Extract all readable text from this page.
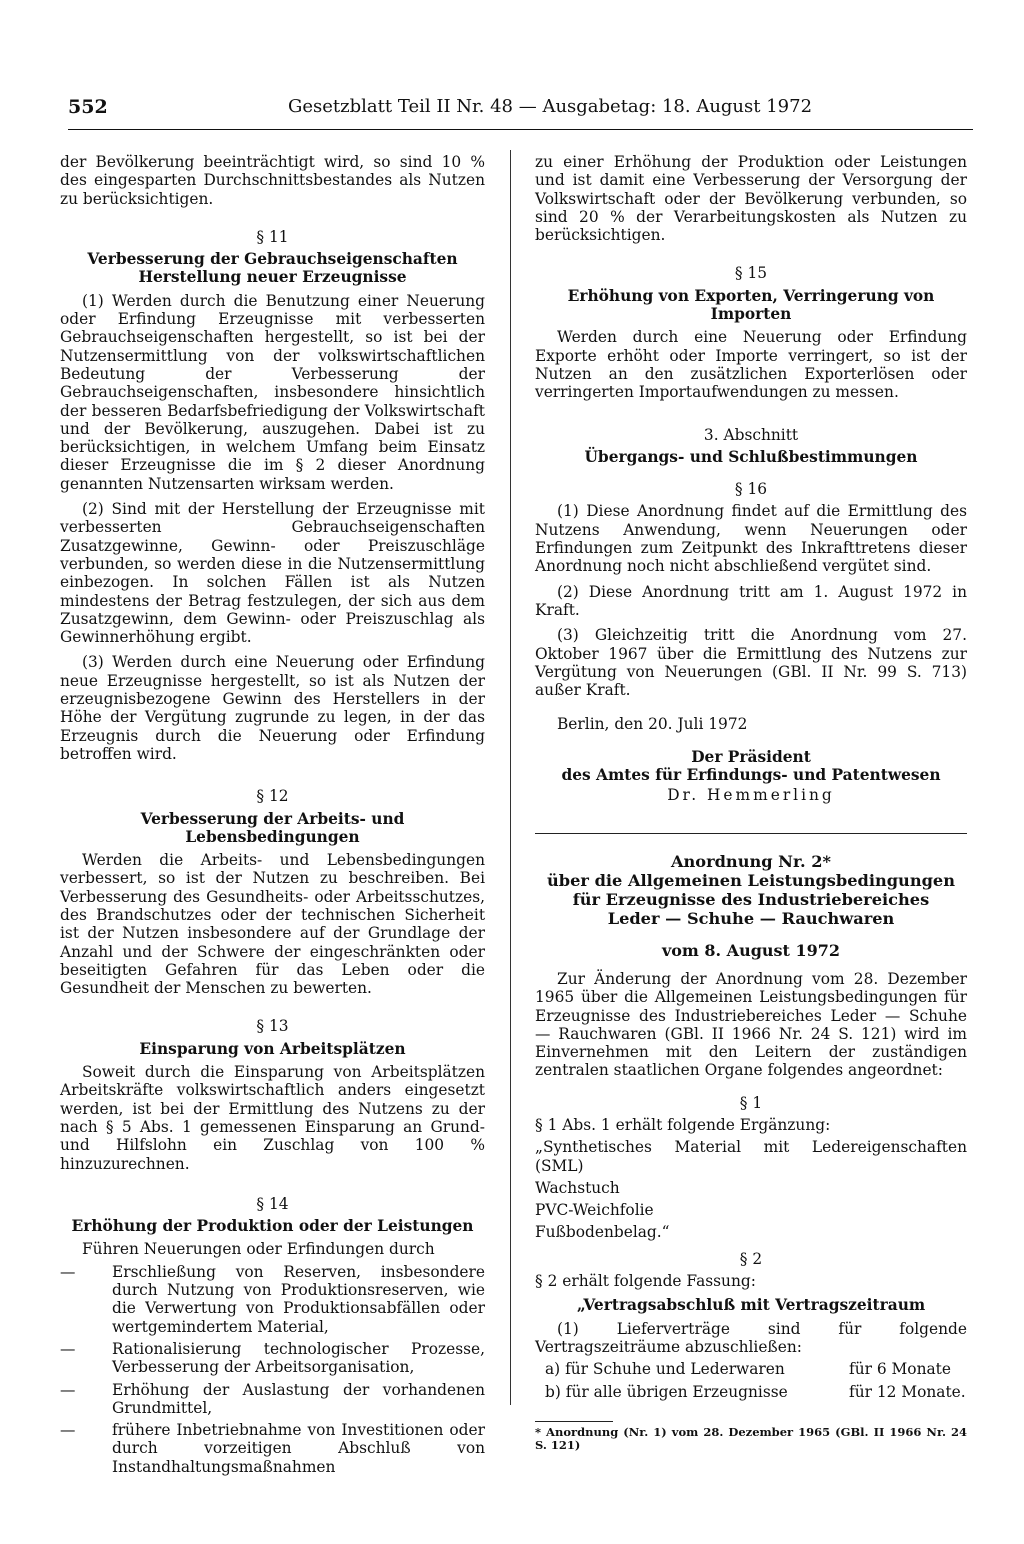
552	Gesetzblatt Teil II Nr. 48 — Ausgabetag: 18. August 1972

der Bevölkerung beeinträchtigt wird, so sind 10 % des eingesparten Durchschnittsbestandes als Nutzen zu berücksichtigen.

§ 11
Verbesserung der Gebrauchseigenschaften
Herstellung neuer Erzeugnisse

(1) Werden durch die Benutzung einer Neuerung oder Erfindung Erzeugnisse mit verbesserten Gebrauchseigenschaften hergestellt, so ist bei der Nutzensermittlung von der volkswirtschaftlichen Bedeutung der Verbesserung der Gebrauchseigenschaften, insbesondere hinsichtlich der besseren Bedarfsbefriedigung der Volkswirtschaft und der Bevölkerung, auszugehen. Dabei ist zu berücksichtigen, in welchem Umfang beim Einsatz dieser Erzeugnisse die im § 2 dieser Anordnung genannten Nutzensarten wirksam werden.

(2) Sind mit der Herstellung der Erzeugnisse mit verbesserten Gebrauchseigenschaften Zusatzgewinne, Gewinn- oder Preiszuschläge verbunden, so werden diese in die Nutzensermittlung einbezogen. In solchen Fällen ist als Nutzen mindestens der Betrag festzulegen, der sich aus dem Zusatzgewinn, dem Gewinn- oder Preiszuschlag als Gewinnerhöhung ergibt.

(3) Werden durch eine Neuerung oder Erfindung neue Erzeugnisse hergestellt, so ist als Nutzen der erzeugnisbezogene Gewinn des Herstellers in der Höhe der Vergütung zugrunde zu legen, in der das Erzeugnis durch die Neuerung oder Erfindung betroffen wird.

§ 12
Verbesserung der Arbeits- und Lebensbedingungen

Werden die Arbeits- und Lebensbedingungen verbessert, so ist der Nutzen zu beschreiben. Bei Verbesserung des Gesundheits- oder Arbeitsschutzes, des Brandschutzes oder der technischen Sicherheit ist der Nutzen insbesondere auf der Grundlage der Anzahl und der Schwere der eingeschränkten oder beseitigten Gefahren für das Leben oder die Gesundheit der Menschen zu bewerten.

§ 13
Einsparung von Arbeitsplätzen

Soweit durch die Einsparung von Arbeitsplätzen Arbeitskräfte volkswirtschaftlich anders eingesetzt werden, ist bei der Ermittlung des Nutzens zu der nach § 5 Abs. 1 gemessenen Einsparung an Grund- und Hilfslohn ein Zuschlag von 100 % hinzuzurechnen.

§ 14
Erhöhung der Produktion oder der Leistungen

Führen Neuerungen oder Erfindungen durch

— Erschließung von Reserven, insbesondere durch Nutzung von Produktionsreserven, wie die Verwertung von Produktionsabfällen oder wertgemindertem Material,
— Rationalisierung technologischer Prozesse, Verbesserung der Arbeitsorganisation,
— Erhöhung der Auslastung der vorhandenen Grundmittel,
— frühere Inbetriebnahme von Investitionen oder durch vorzeitigen Abschluß von Instandhaltungsmaßnahmen

zu einer Erhöhung der Produktion oder Leistungen und ist damit eine Verbesserung der Versorgung der Volkswirtschaft oder der Bevölkerung verbunden, so sind 20 % der Verarbeitungskosten als Nutzen zu berücksichtigen.

§ 15
Erhöhung von Exporten, Verringerung von Importen

Werden durch eine Neuerung oder Erfindung Exporte erhöht oder Importe verringert, so ist der Nutzen an den zusätzlichen Exporterlösen oder verringerten Importaufwendungen zu messen.

3. Abschnitt
Übergangs- und Schlußbestimmungen
§ 16

(1) Diese Anordnung findet auf die Ermittlung des Nutzens Anwendung, wenn Neuerungen oder Erfindungen zum Zeitpunkt des Inkrafttretens dieser Anordnung noch nicht abschließend vergütet sind.

(2) Diese Anordnung tritt am 1. August 1972 in Kraft.

(3) Gleichzeitig tritt die Anordnung vom 27. Oktober 1967 über die Ermittlung des Nutzens zur Vergütung von Neuerungen (GBl. II Nr. 99 S. 713) außer Kraft.

Berlin, den 20. Juli 1972

Der Präsident
des Amtes für Erfindungs- und Patentwesen
Dr. Hemmerling
Anordnung Nr. 2*
über die Allgemeinen Leistungsbedingungen
für Erzeugnisse des Industriebereiches
Leder — Schuhe — Rauchwaren
vom 8. August 1972

Zur Änderung der Anordnung vom 28. Dezember 1965 über die Allgemeinen Leistungsbedingungen für Erzeugnisse des Industriebereiches Leder — Schuhe — Rauchwaren (GBl. II 1966 Nr. 24 S. 121) wird im Einvernehmen mit den Leitern der zuständigen zentralen staatlichen Organe folgendes angeordnet:

§ 1

§ 1 Abs. 1 erhält folgende Ergänzung:

„Synthetisches Material mit Ledereigenschaften (SML)

Wachstuch

PVC-Weichfolie

Fußbodenbelag.“

§ 2

§ 2 erhält folgende Fassung:

„Vertragsabschluß mit Vertragszeitraum

(1) Lieferverträge sind für folgende Vertragszeiträume abzuschließen:

a) für Schuhe und Lederwaren	für 6 Monate
b) für alle übrigen Erzeugnisse	für 12 Monate.
* Anordnung (Nr. 1) vom 28. Dezember 1965 (GBl. II 1966 Nr. 24 S. 121)
